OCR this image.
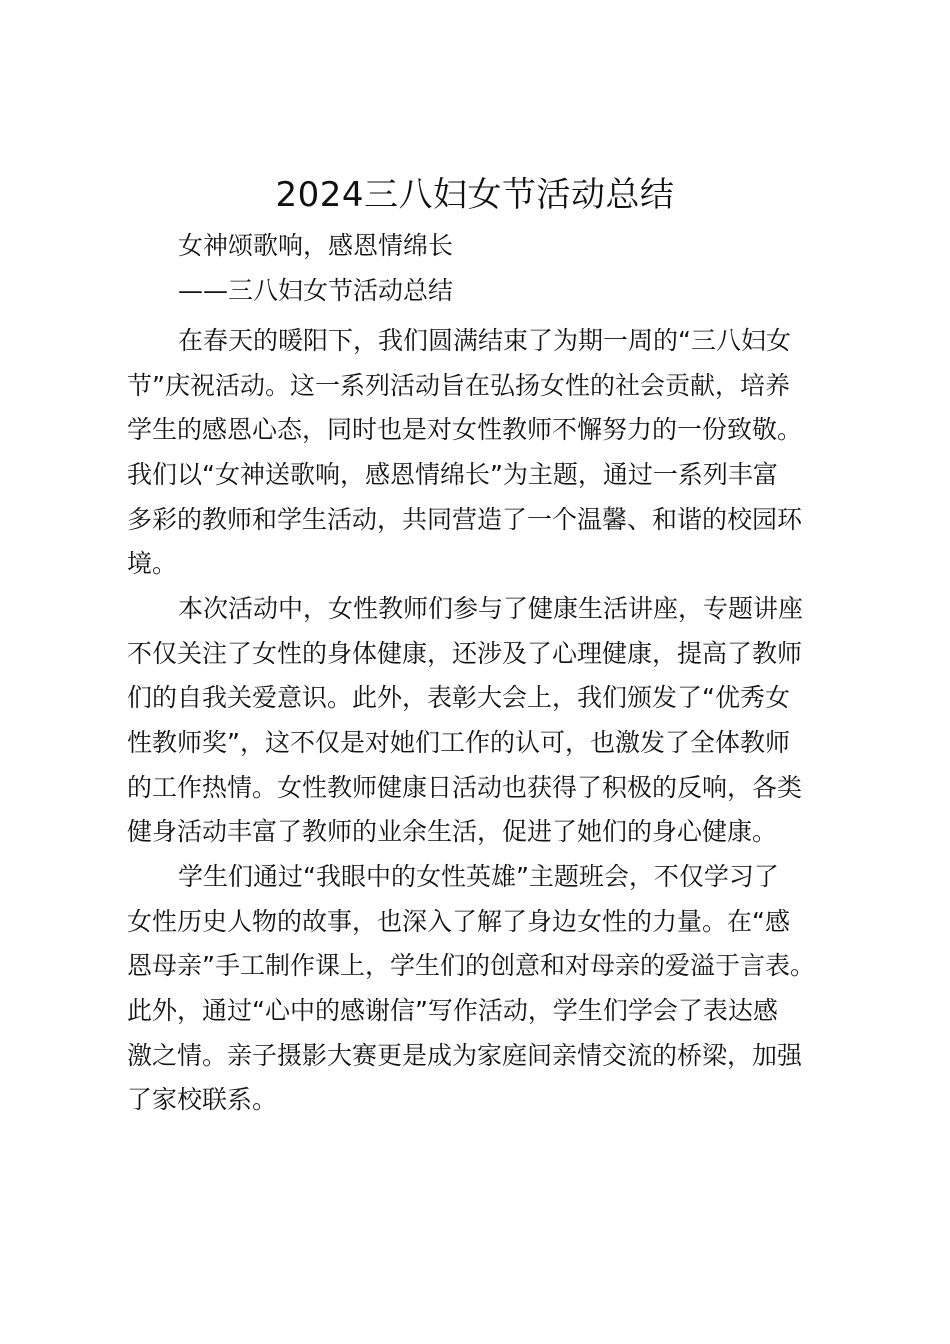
2024三八妇女节活动总结

女神颂歌响，感恩情绵长

——三八妇女节活动总结

在春天的暖阳下，我们圆满结束了为期一周的“三八妇女
节”庆祝活动。这一系列活动旨在弘扬女性的社会贡献，培养
学生的感恩心态，同时也是对女性教师不懈努力的一份致敬。
我们以“女神送歌响，感恩情绵长”为主题，通过一系列丰富
多彩的教师和学生活动，共同营造了一个温馨、和谐的校园环
境。
本次活动中，女性教师们参与了健康生活讲座，专题讲座
不仅关注了女性的身体健康，还涉及了心理健康，提高了教师
们的自我关爱意识。此外，表彰大会上，我们颁发了“优秀女
性教师奖”，这不仅是对她们工作的认可，也激发了全体教师
的工作热情。女性教师健康日活动也获得了积极的反响，各类
健身活动丰富了教师的业余生活，促进了她们的身心健康。
学生们通过“我眼中的女性英雄”主题班会，不仅学习了
女性历史人物的故事，也深入了解了身边女性的力量。在“感
恩母亲”手工制作课上，学生们的创意和对母亲的爱溢于言表。
此外，通过“心中的感谢信”写作活动，学生们学会了表达感
激之情。亲子摄影大赛更是成为家庭间亲情交流的桥梁，加强
了家校联系。
